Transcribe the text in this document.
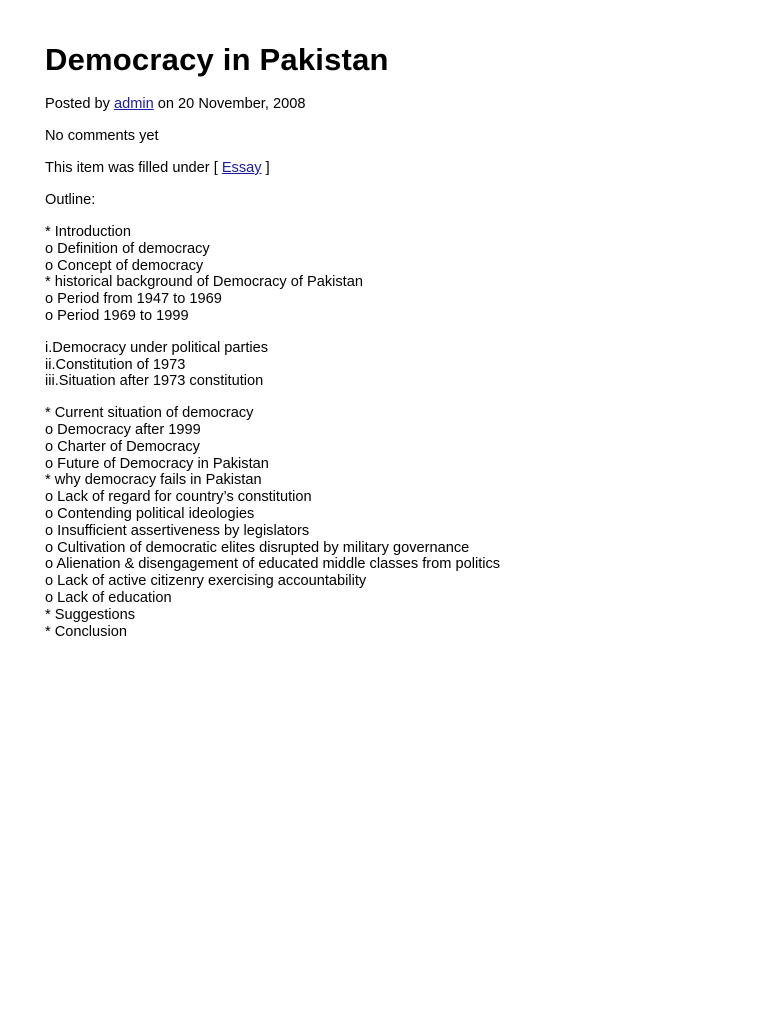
Democracy in Pakistan

Posted by admin on 20 November, 2008

No comments yet

This item was filled under [ Essay ]

Outline:

* Introduction
o Definition of democracy
o Concept of democracy
* historical background of Democracy of Pakistan
o Period from 1947 to 1969
o Period 1969 to 1999
i.Democracy under political parties
ii.Constitution of 1973
iii.Situation after 1973 constitution
* Current situation of democracy
o Democracy after 1999
o Charter of Democracy
o Future of Democracy in Pakistan
* why democracy fails in Pakistan
o Lack of regard for country’s constitution
o Contending political ideologies
o Insufficient assertiveness by legislators
o Cultivation of democratic elites disrupted by military governance
o Alienation & disengagement of educated middle classes from politics
o Lack of active citizenry exercising accountability
o Lack of education
* Suggestions
* Conclusion
